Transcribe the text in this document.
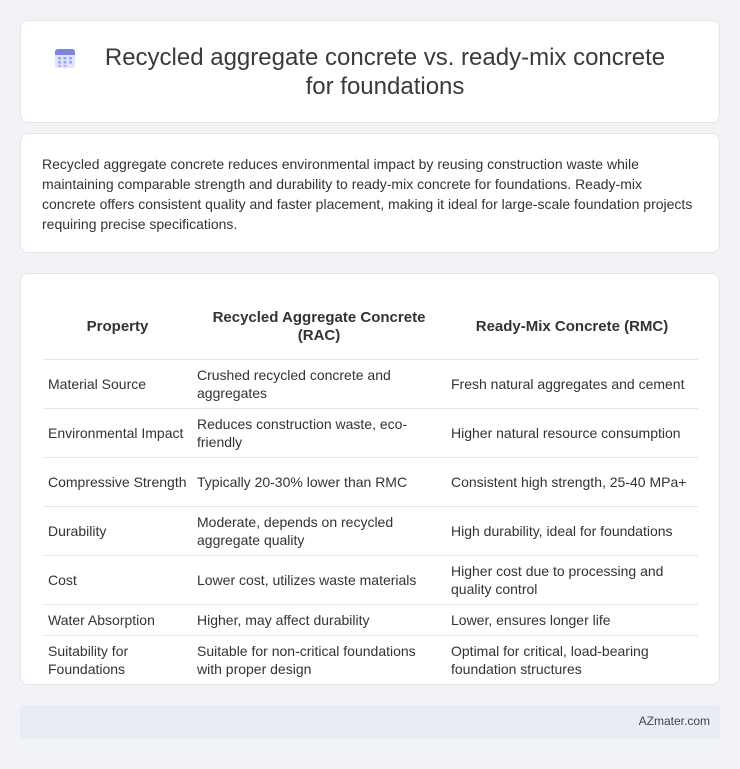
Recycled aggregate concrete vs. ready-mix concrete for foundations

Recycled aggregate concrete reduces environmental impact by reusing construction waste while maintaining comparable strength and durability to ready-mix concrete for foundations. Ready-mix concrete offers consistent quality and faster placement, making it ideal for large-scale foundation projects requiring precise specifications.

Property	Recycled Aggregate Concrete (RAC)	Ready-Mix Concrete (RMC)
Material Source	Crushed recycled concrete and aggregates	Fresh natural aggregates and cement
Environmental Impact	Reduces construction waste, eco-friendly	Higher natural resource consumption
Compressive Strength	Typically 20-30% lower than RMC	Consistent high strength, 25-40 MPa+
Durability	Moderate, depends on recycled aggregate quality	High durability, ideal for foundations
Cost	Lower cost, utilizes waste materials	Higher cost due to processing and quality control
Water Absorption	Higher, may affect durability	Lower, ensures longer life
Suitability for Foundations	Suitable for non-critical foundations with proper design	Optimal for critical, load-bearing foundation structures
AZmater.com
